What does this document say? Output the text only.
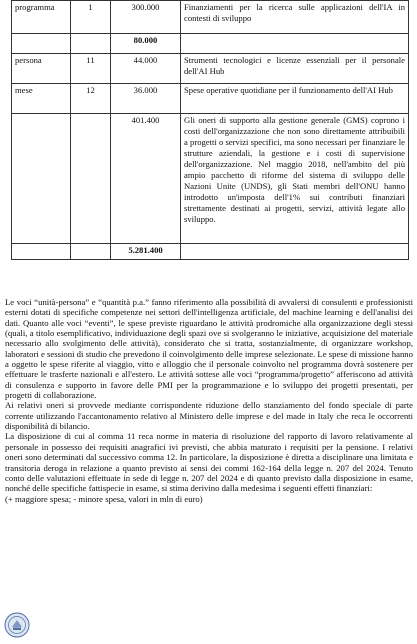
programma	1	300.000	Finanziamenti per la ricerca sulle applicazioni dell'IA in contesti di sviluppo
		80.000	
persona	11	44.000	Strumenti tecnologici e licenze essenziali per il personale dell'AI Hub
mese	12	36.000	Spese operative quotidiane per il funzionamento dell'AI Hub
		401.400	Gli oneri di supporto alla gestione generale (GMS) coprono i costi dell'organizzazione che non sono direttamente attribuibili a progetti o servizi specifici, ma sono necessari per finanziare le strutture aziendali, la gestione e i costi di supervisione dell'organizzazione. Nel maggio 2018, nell'ambito del più ampio pacchetto di riforme del sistema di sviluppo delle Nazioni Unite (UNDS), gli Stati membri dell'ONU hanno introdotto un'imposta dell'1% sui contributi finanziari strettamente destinati ai progetti, servizi, attività legate allo sviluppo.
		5.281.400	

Le voci “unità-persona” e “quantità p.a.” fanno riferimento alla possibilità di avvalersi di consulenti e professionisti esterni dotati di specifiche competenze nei settori dell'intelligenza artificiale, del machine learning e dell'analisi dei dati. Quanto alle voci “eventi”, le spese previste riguardano le attività prodromiche alla organizzazione degli stessi (quali, a titolo esemplificativo, individuazione degli spazi ove si svolgeranno le iniziative, acquisizione del materiale necessario allo svolgimento delle attività), considerato che si tratta, sostanzialmente, di organizzare workshop, laboratori e sessioni di studio che prevedono il coinvolgimento delle imprese selezionate. Le spese di missione hanno a oggetto le spese riferite al viaggio, vitto e alloggio che il personale coinvolto nel programma dovrà sostenere per effettuare le trasferte nazionali e all'estero. Le attività sottese alle voci “programma/progetto” afferiscono ad attività di consulenza e supporto in favore delle PMI per la programmazione e lo sviluppo dei progetti presentati, per progetti di collaborazione.

Ai relativi oneri si provvede mediante corrispondente riduzione dello stanziamento del fondo speciale di parte corrente utilizzando l'accantonamento relativo al Ministero delle imprese e del made in Italy che reca le occorrenti disponibilità di bilancio.

La disposizione di cui al comma 11 reca norme in materia di risoluzione del rapporto di lavoro relativamente al personale in possesso dei requisiti anagrafici ivi previsti, che abbia maturato i requisiti per la pensione. I relativi oneri sono determinati dal successivo comma 12. In particolare, la disposizione è diretta a disciplinare una limitata e transitoria deroga in relazione a quanto previsto ai sensi dei commi 162-164 della legge n. 207 del 2024. Tenuto conto delle valutazioni effettuate in sede di legge n. 207 del 2024 e di quanto previsto dalla disposizione in esame, nonché delle specifiche fattispecie in esame, si stima derivino dalla medesima i seguenti effetti finanziari:

(+ maggiore spesa; - minore spesa, valori in mln di euro)
